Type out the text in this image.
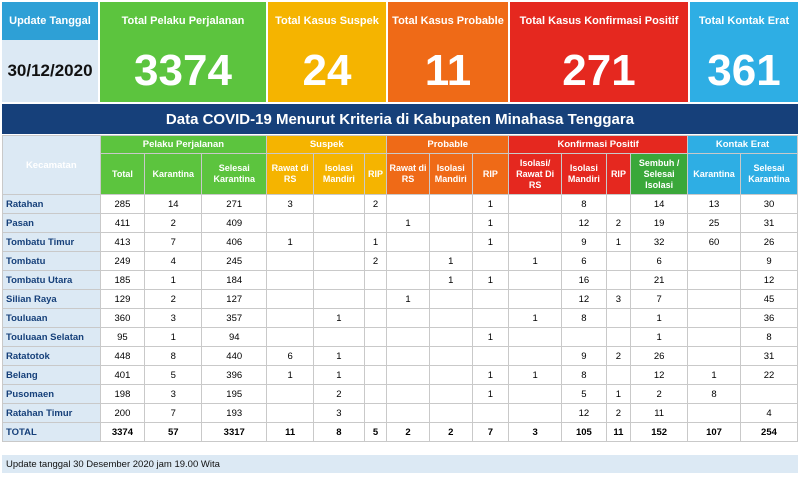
Update Tanggal
30/12/2020
Total Pelaku Perjalanan
3374
Total Kasus Suspek
24
Total Kasus Probable
11
Total Kasus Konfirmasi Positif
271
Total Kontak Erat
361
Data COVID-19 Menurut Kriteria di Kabupaten Minahasa Tenggara
Kecamatan	Pelaku Perjalanan			Suspek			Probable			Konfirmasi Positif				Kontak Erat	
	Total	Karantina	Selesai Karantina	Rawat di RS	Isolasi Mandiri	RIP	Rawat di RS	Isolasi Mandiri	RIP	Isolasi/ Rawat Di RS	Isolasi Mandiri	RIP	Sembuh / Selesai Isolasi	Karantina	Selesai Karantina
Ratahan	285	14	271	3		2			1		8		14	13	30
Pasan	411	2	409				1		1		12	2	19	25	31
Tombatu Timur	413	7	406	1		1			1		9	1	32	60	26
Tombatu	249	4	245			2		1		1	6		6		9
Tombatu Utara	185	1	184					1	1		16		21		12
Silian Raya	129	2	127				1				12	3	7		45
Touluaan	360	3	357		1					1	8		1		36
Touluaan Selatan	95	1	94						1				1		8
Ratatotok	448	8	440	6	1						9	2	26		31
Belang	401	5	396	1	1				1	1	8		12	1	22
Pusomaen	198	3	195		2				1		5	1	2	8	
Ratahan Timur	200	7	193		3						12	2	11		4
TOTAL	3374	57	3317	11	8	5	2	2	7	3	105	11	152	107	254
Update tanggal 30 Desember 2020 jam 19.00 Wita
